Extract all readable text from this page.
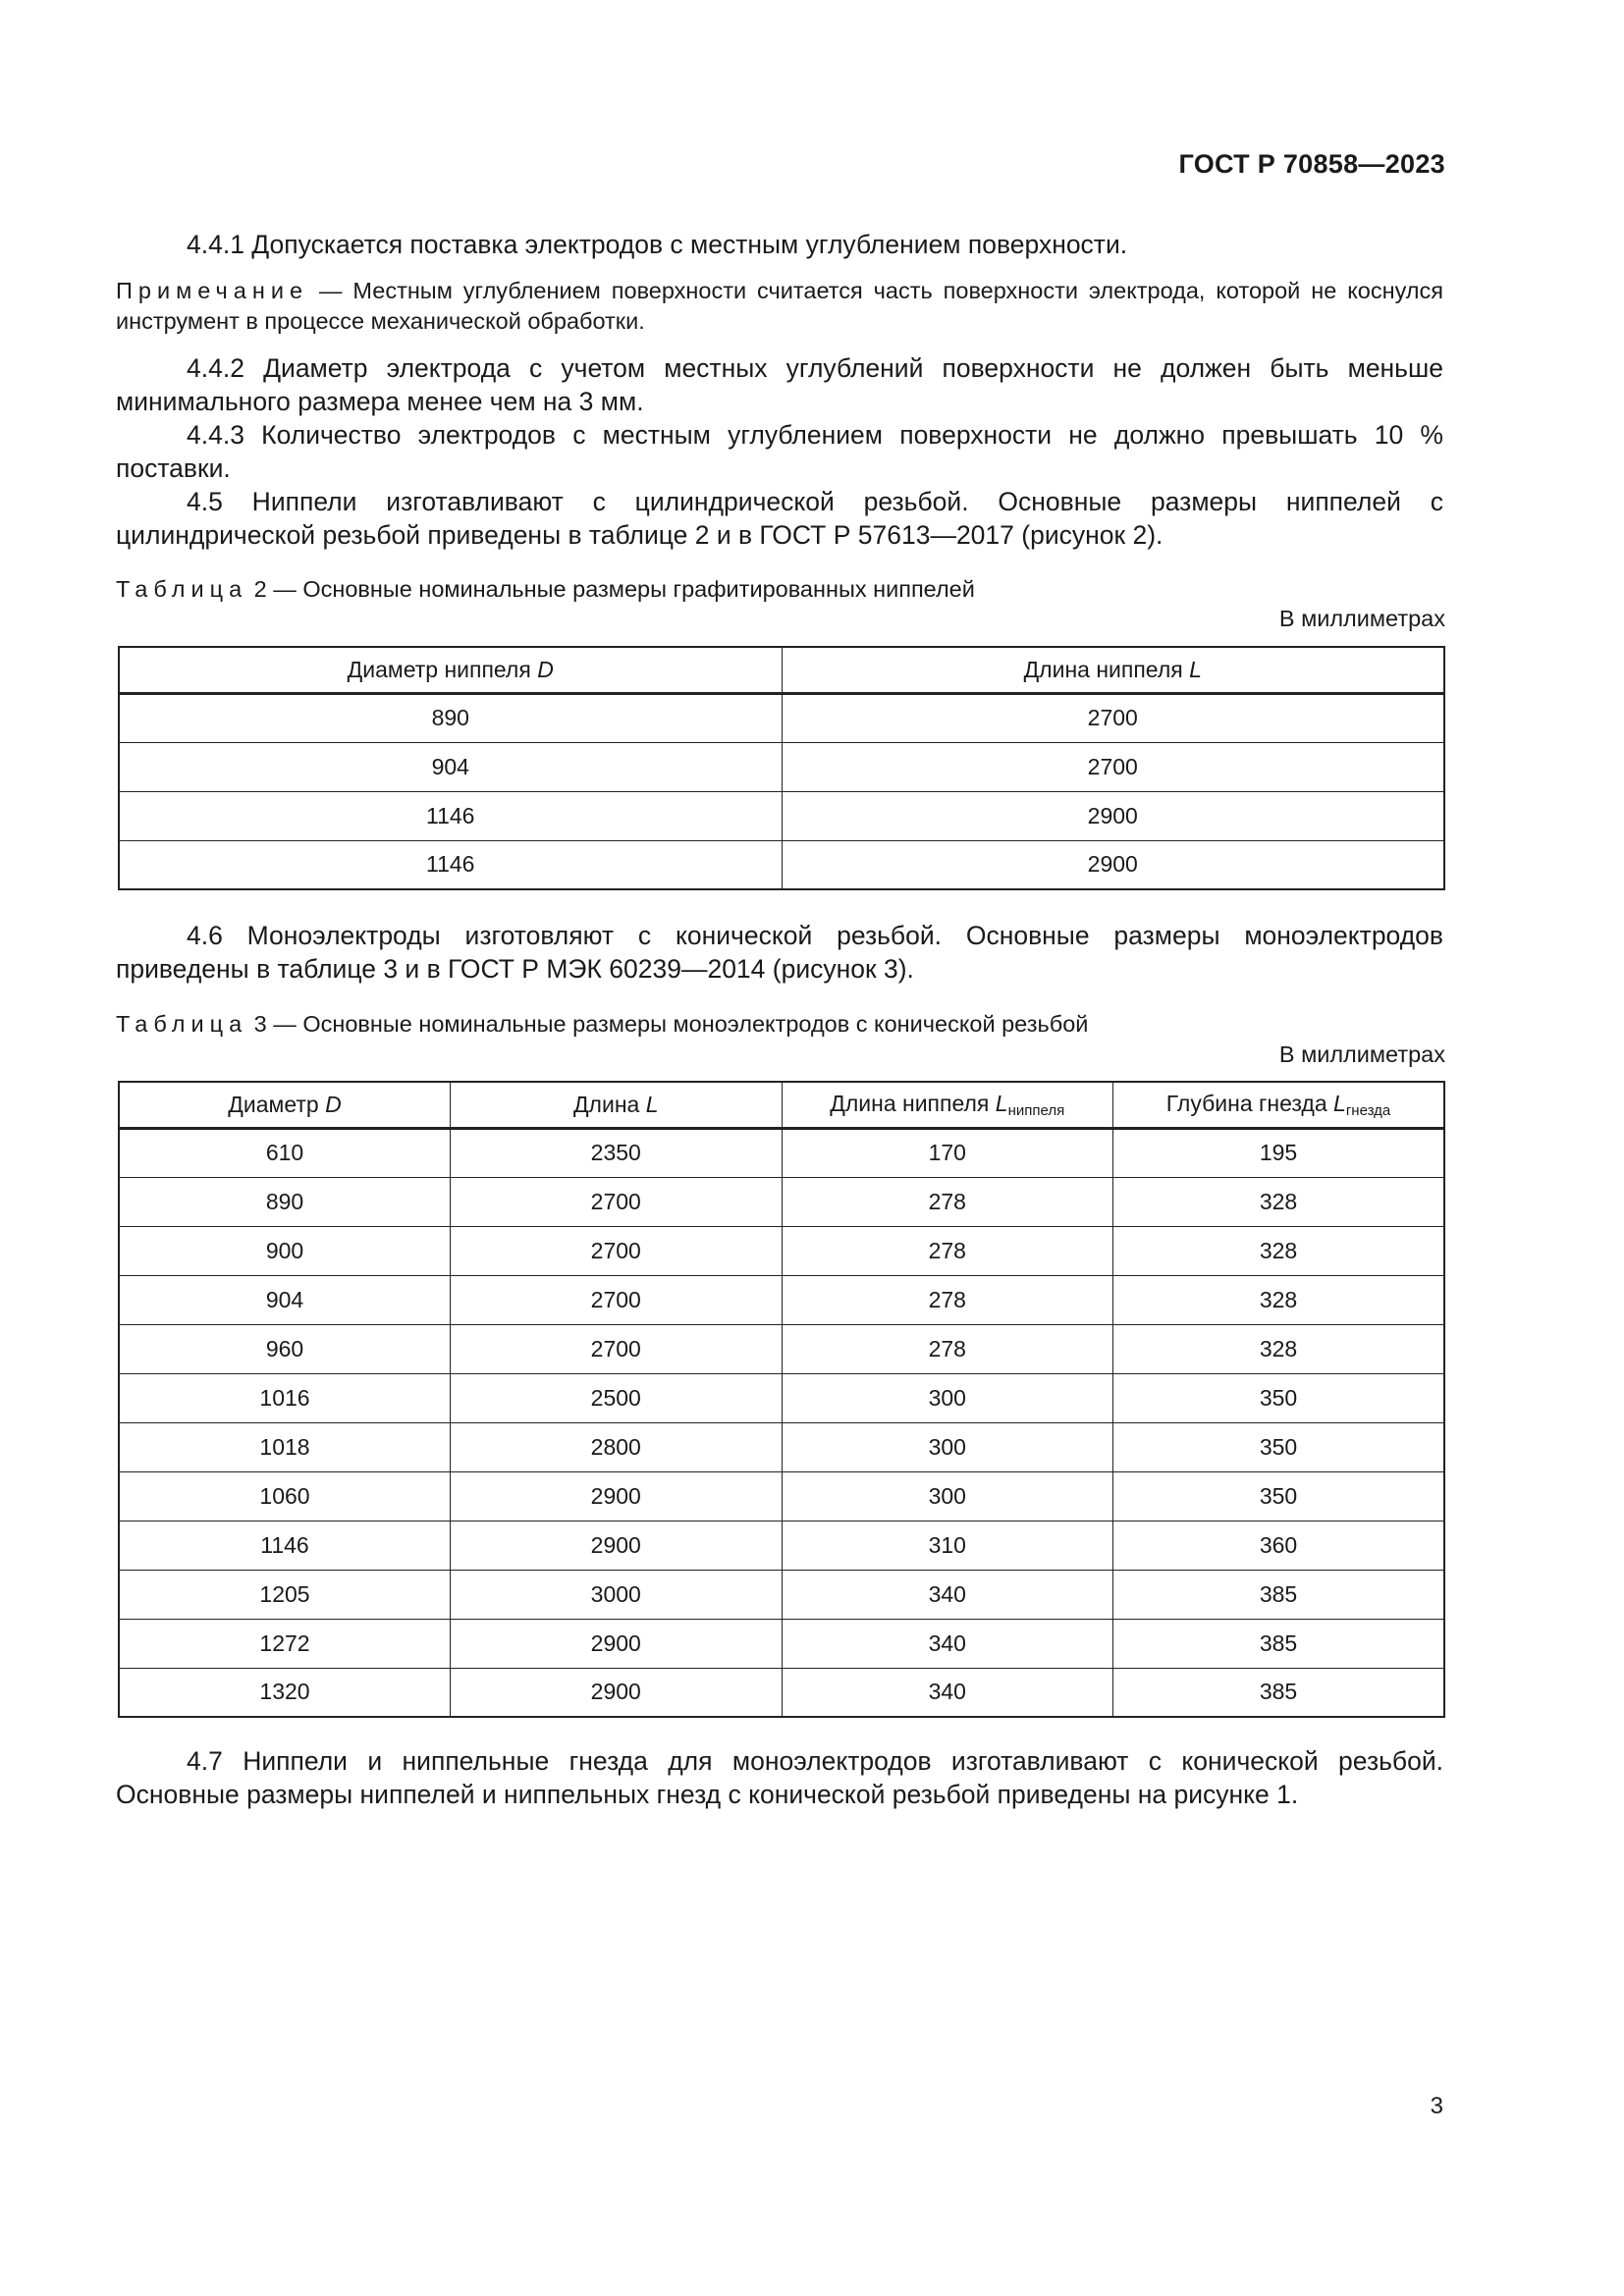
ГОСТ Р 70858—2023
4.4.1 Допускается поставка электродов с местным углублением поверхности.
Примечание — Местным углублением поверхности считается часть поверхности электрода, которой не коснулся инструмент в процессе механической обработки.
4.4.2 Диаметр электрода с учетом местных углублений поверхности не должен быть меньше минимального размера менее чем на 3 мм.
4.4.3 Количество электродов с местным углублением поверхности не должно превышать 10 % поставки.
4.5 Ниппели изготавливают с цилиндрической резьбой. Основные размеры ниппелей с цилиндрической резьбой приведены в таблице 2 и в ГОСТ Р 57613—2017 (рисунок 2).
Таблица 2 — Основные номинальные размеры графитированных ниппелей
В миллиметрах
Диаметр ниппеля D	Длина ниппеля L
890	2700
904	2700
1146	2900
1146	2900
4.6 Моноэлектроды изготовляют с конической резьбой. Основные размеры моноэлектродов приведены в таблице 3 и в ГОСТ Р МЭК 60239—2014 (рисунок 3).
Таблица 3 — Основные номинальные размеры моноэлектродов с конической резьбой
В миллиметрах
Диаметр D	Длина L	Длина ниппеля $L_{ниппеля}$	Глубина гнезда $L_{гнезда}$
610	2350	170	195
890	2700	278	328
900	2700	278	328
904	2700	278	328
960	2700	278	328
1016	2500	300	350
1018	2800	300	350
1060	2900	300	350
1146	2900	310	360
1205	3000	340	385
1272	2900	340	385
1320	2900	340	385
4.7 Ниппели и ниппельные гнезда для моноэлектродов изготавливают с конической резьбой. Основные размеры ниппелей и ниппельных гнезд с конической резьбой приведены на рисунке 1.
3
